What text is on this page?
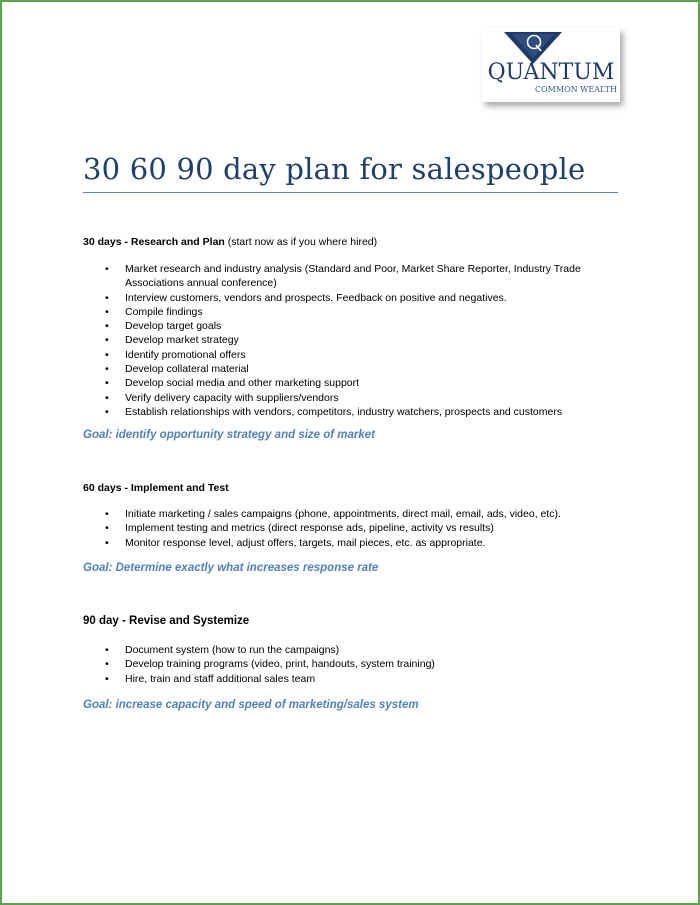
QUANTUM
COMMON WEALTH
30 60 90 day plan for salespeople
30 days - Research and Plan (start now as if you where hired)
• Market research and industry analysis (Standard and Poor, Market Share Reporter, Industry Trade Associations annual conference)
• Interview customers, vendors and prospects. Feedback on positive and negatives.
• Compile findings
• Develop target goals
• Develop market strategy
• Identify promotional offers
• Develop collateral material
• Develop social media and other marketing support
• Verify delivery capacity with suppliers/vendors
• Establish relationships with vendors, competitors, industry watchers, prospects and customers
Goal: identify opportunity strategy and size of market
60 days - Implement and Test
• Initiate marketing / sales campaigns (phone, appointments, direct mail, email, ads, video, etc).
• Implement testing and metrics (direct response ads, pipeline, activity vs results)
• Monitor response level, adjust offers, targets, mail pieces, etc. as appropriate.
Goal: Determine exactly what increases response rate
90 day - Revise and Systemize
• Document system (how to run the campaigns)
• Develop training programs (video, print, handouts, system training)
• Hire, train and staff additional sales team
Goal: increase capacity and speed of marketing/sales system
